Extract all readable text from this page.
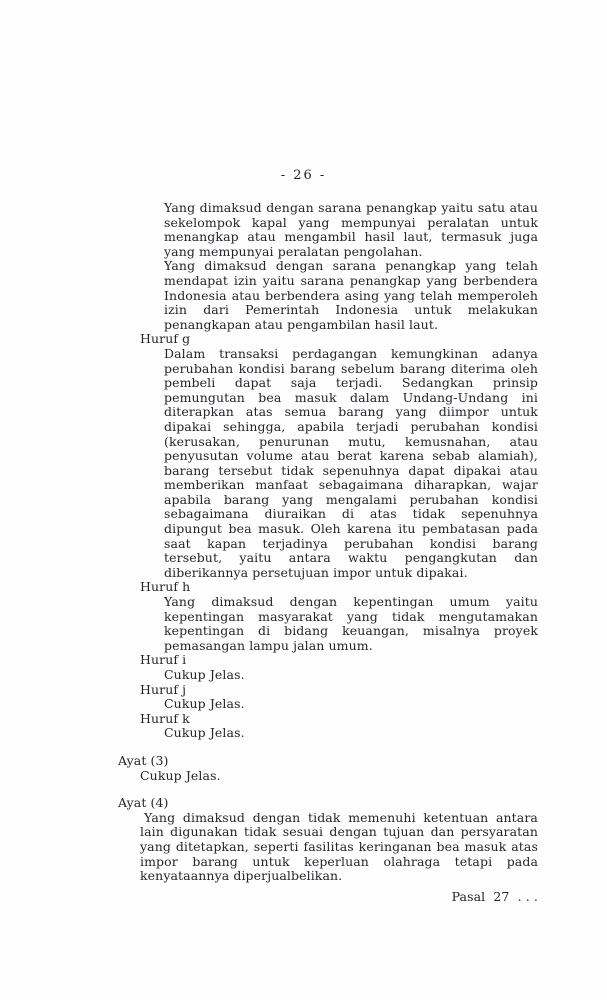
- 26 -
Yang dimaksud dengan sarana penangkap yaitu satu atau sekelompok kapal yang mempunyai peralatan untuk menangkap atau mengambil hasil laut, termasuk juga yang mempunyai peralatan pengolahan.
Yang dimaksud dengan sarana penangkap yang telah mendapat izin yaitu sarana penangkap yang berbendera Indonesia atau berbendera asing yang telah memperoleh izin dari Pemerintah Indonesia untuk melakukan penangkapan atau pengambilan hasil laut.
Huruf g
Dalam transaksi perdagangan kemungkinan adanya perubahan kondisi barang sebelum barang diterima oleh pembeli dapat saja terjadi. Sedangkan prinsip pemungutan bea masuk dalam Undang-Undang ini diterapkan atas semua barang yang diimpor untuk dipakai sehingga, apabila terjadi perubahan kondisi (kerusakan, penurunan mutu, kemusnahan, atau penyusutan volume atau berat karena sebab alamiah), barang tersebut tidak sepenuhnya dapat dipakai atau memberikan manfaat sebagaimana diharapkan, wajar apabila barang yang mengalami perubahan kondisi sebagaimana diuraikan di atas tidak sepenuhnya dipungut bea masuk. Oleh karena itu pembatasan pada saat kapan terjadinya perubahan kondisi barang tersebut, yaitu antara waktu pengangkutan dan diberikannya persetujuan impor untuk dipakai.
Huruf h
Yang dimaksud dengan kepentingan umum yaitu kepentingan masyarakat yang tidak mengutamakan kepentingan di bidang keuangan, misalnya proyek pemasangan lampu jalan umum.
Huruf i
Cukup Jelas.
Huruf j
Cukup Jelas.
Huruf k
Cukup Jelas.
Ayat (3)
Cukup Jelas.
Ayat (4)
Yang dimaksud dengan tidak memenuhi ketentuan antara lain digunakan tidak sesuai dengan tujuan dan persyaratan yang ditetapkan, seperti fasilitas keringanan bea masuk atas impor barang untuk keperluan olahraga tetapi pada kenyataannya diperjualbelikan.
Pasal  27  . . .
